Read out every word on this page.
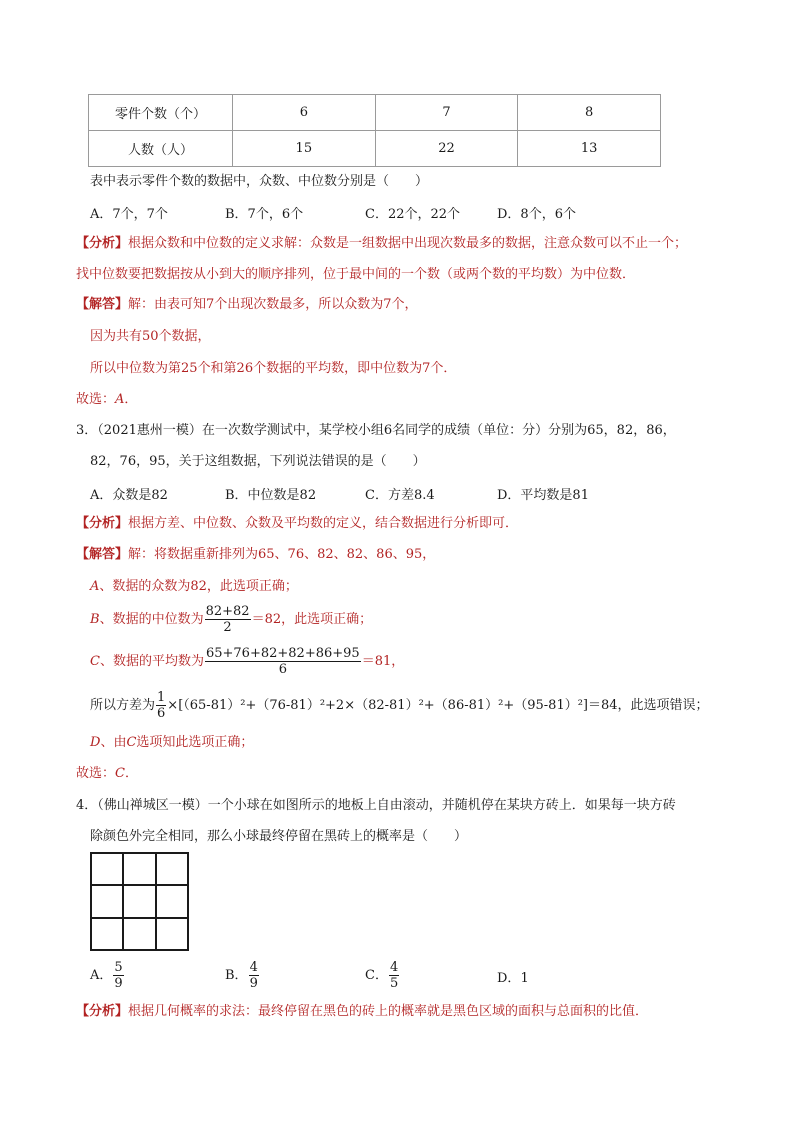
零件个数（个）	6	7	8
人数（人）	15	22	13
表中表示零件个数的数据中，众数、中位数分别是（　　）
A．7个，7个	B．7个，6个	C．22个，22个	D．8个，6个
【分析】根据众数和中位数的定义求解：众数是一组数据中出现次数最多的数据，注意众数可以不止一个；
找中位数要把数据按从小到大的顺序排列，位于最中间的一个数（或两个数的平均数）为中位数．
【解答】解：由表可知7个出现次数最多，所以众数为7个，
因为共有50个数据，
所以中位数为第25个和第26个数据的平均数，即中位数为7个．
故选：A．
3．（2021惠州一模）在一次数学测试中，某学校小组6名同学的成绩（单位：分）分别为65，82，86，
82，76，95，关于这组数据，下列说法错误的是（　　）
A．众数是82	B．中位数是82	C．方差8.4	D．平均数是81
【分析】根据方差、中位数、众数及平均数的定义，结合数据进行分析即可．
【解答】解：将数据重新排列为65、76、82、82、86、95，
A、数据的众数为82，此选项正确；
B、数据的中位数为 $\frac{82+82}{2} =82$，此选项正确；
C、数据的平均数为 $\frac{65+76+82+82+86+95}{6} =81$，
所以方差为 $\frac{1}{6} \times[(65-81)^2+(76-81)^2+2\times(82-81)^2+(86-81)^2+(95-81)^2]=84$，此选项错误；
D、由C选项知此选项正确；
故选：C．
4．（佛山禅城区一模）一个小球在如图所示的地板上自由滚动，并随机停在某块方砖上．如果每一块方砖
除颜色外完全相同，那么小球最终停留在黑砖上的概率是（　　）
A． $\frac{5}{9}$	B． $\frac{4}{9}$	C． $\frac{4}{5}$	D．1
【分析】根据几何概率的求法：最终停留在黑色的砖上的概率就是黑色区域的面积与总面积的比值．
